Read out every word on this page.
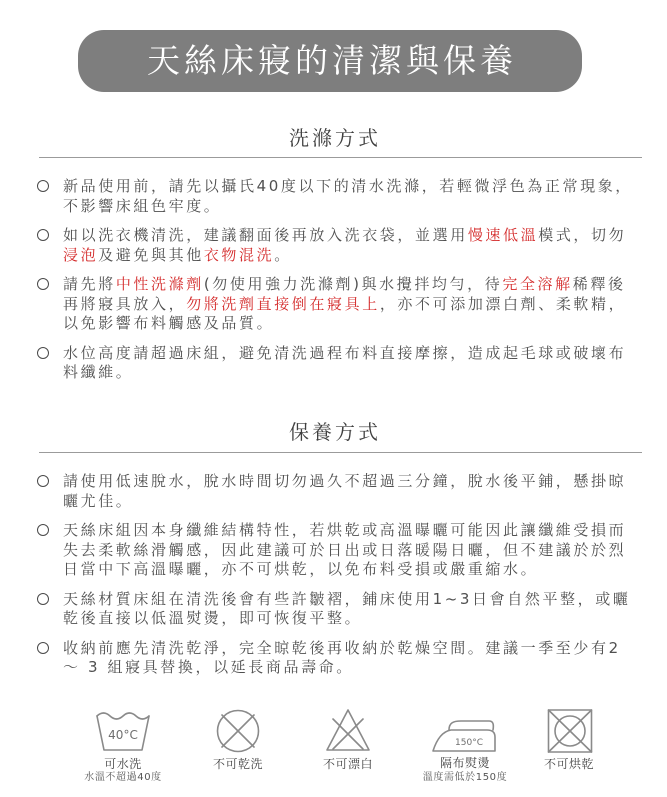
天絲床寢的清潔與保養
洗滌方式
新品使用前，請先以攝氏40度以下的清水洗滌，若輕微浮色為正常現象，
不影響床組色牢度。
如以洗衣機清洗，建議翻面後再放入洗衣袋，並選用慢速低溫模式，切勿
浸泡及避免與其他衣物混洗。
請先將中性洗滌劑(勿使用強力洗滌劑)與水攪拌均勻，待完全溶解稀釋後
再將寢具放入，勿將洗劑直接倒在寢具上，亦不可添加漂白劑、柔軟精，
以免影響布料觸感及品質。
水位高度請超過床組，避免清洗過程布料直接摩擦，造成起毛球或破壞布
料纖維。
保養方式
請使用低速脫水，脫水時間切勿過久不超過三分鐘，脫水後平鋪，懸掛晾
曬尤佳。
天絲床組因本身纖維結構特性，若烘乾或高溫曝曬可能因此讓纖維受損而
失去柔軟絲滑觸感，因此建議可於日出或日落暖陽日曬，但不建議於於烈
日當中下高溫曝曬，亦不可烘乾，以免布料受損或嚴重縮水。
天絲材質床組在清洗後會有些許皺褶，鋪床使用1~3日會自然平整，或曬
乾後直接以低溫熨燙，即可恢復平整。
收納前應先清洗乾淨，完全晾乾後再收納於乾燥空間。建議一季至少有2
～ 3 組寢具替換，以延長商品壽命。
40°C
可水洗
水溫不超過40度
不可乾洗	不可漂白
150°C
隔布熨燙
溫度需低於150度
不可烘乾
